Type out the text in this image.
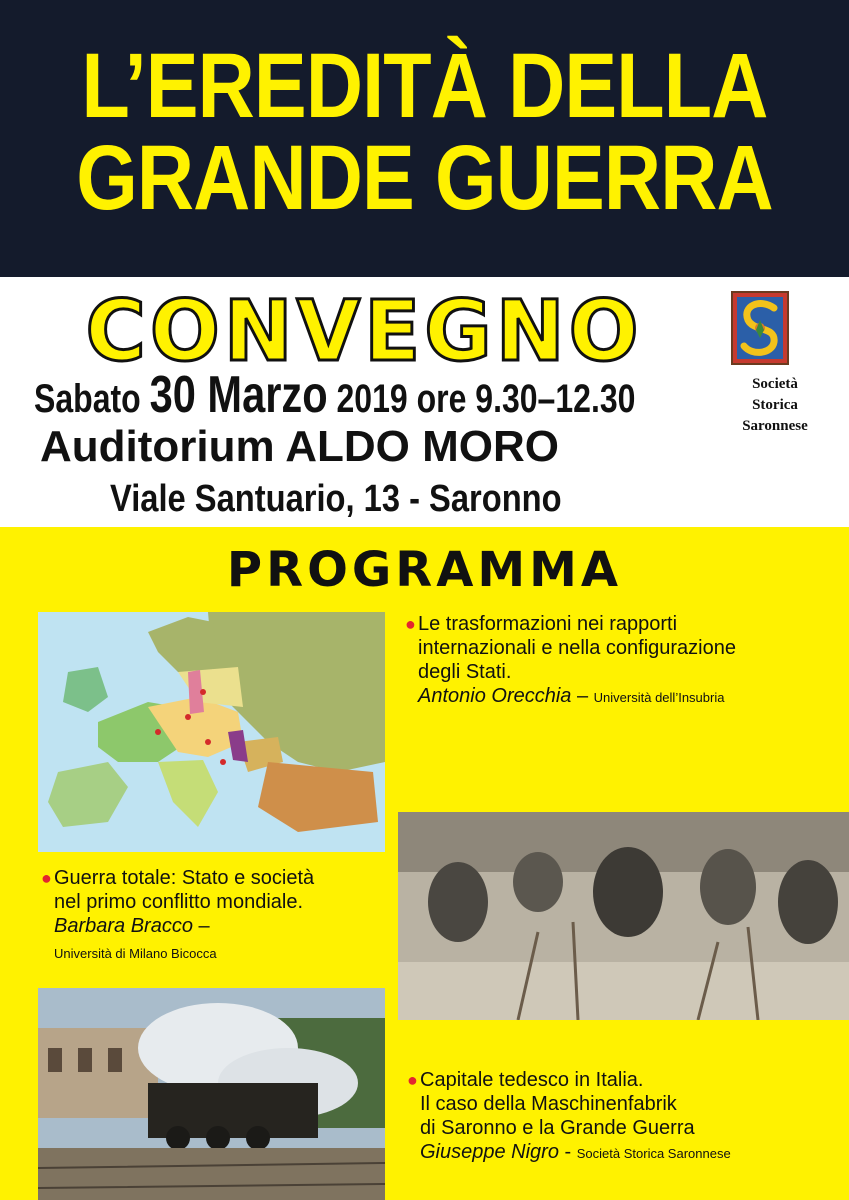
L’EREDITÀ DELLA
GRANDE GUERRA
CONVEGNO
Sabato 30 Marzo 2019 ore 9.30–12.30
Auditorium ALDO MORO
Viale Santuario, 13 - Saronno
Società
Storica
Saronnese
PROGRAMMA
● Le trasformazioni nei rapporti
internazionali e nella configurazione
degli Stati.
Antonio Orecchia – Università dell’Insubria
● Guerra totale: Stato e società
nel primo conflitto mondiale.
Barbara Bracco –
Università di Milano Bicocca
● Capitale tedesco in Italia.
Il caso della Maschinenfabrik
di Saronno e la Grande Guerra
Giuseppe Nigro - Società Storica Saronnese
